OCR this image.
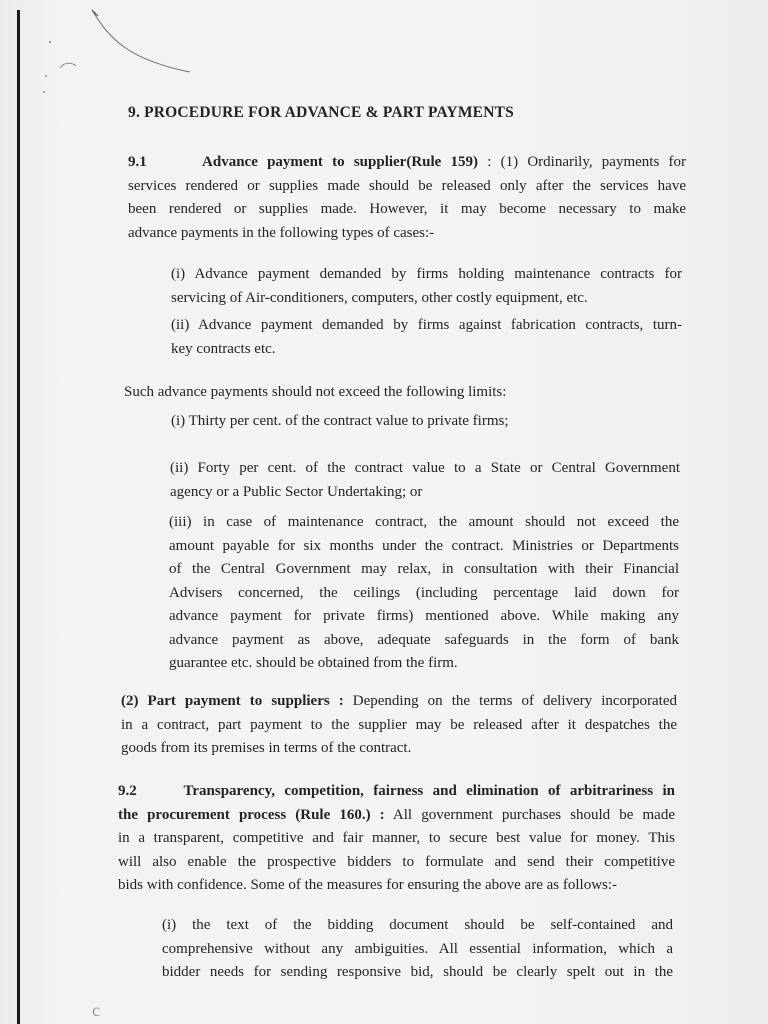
9. PROCEDURE FOR ADVANCE & PART PAYMENTS
9.1	Advance payment to supplier(Rule 159) : (1) Ordinarily, payments for
services rendered or supplies made should be released only after the services have
been rendered or supplies made. However, it may become necessary to make
advance payments in the following types of cases:-
(i) Advance payment demanded by firms holding maintenance contracts for
servicing of Air-conditioners, computers, other costly equipment, etc.
(ii) Advance payment demanded by firms against fabrication contracts, turn-
key contracts etc.
Such advance payments should not exceed the following limits:
(i) Thirty per cent. of the contract value to private firms;
(ii) Forty per cent. of the contract value to a State or Central Government
agency or a Public Sector Undertaking; or
(iii) in case of maintenance contract, the amount should not exceed the
amount payable for six months under the contract. Ministries or Departments
of the Central Government may relax, in consultation with their Financial
Advisers concerned, the ceilings (including percentage laid down for
advance payment for private firms) mentioned above. While making any
advance payment as above, adequate safeguards in the form of bank
guarantee etc. should be obtained from the firm.
(2) Part payment to suppliers : Depending on the terms of delivery incorporated
in a contract, part payment to the supplier may be released after it despatches the
goods from its premises in terms of the contract.
9.2	Transparency, competition, fairness and elimination of arbitrariness in
the procurement process (Rule 160.) : All government purchases should be made
in a transparent, competitive and fair manner, to secure best value for money. This
will also enable the prospective bidders to formulate and send their competitive
bids with confidence. Some of the measures for ensuring the above are as follows:-
(i) the text of the bidding document should be self-contained and
comprehensive without any ambiguities. All essential information, which a
bidder needs for sending responsive bid, should be clearly spelt out in the
c
